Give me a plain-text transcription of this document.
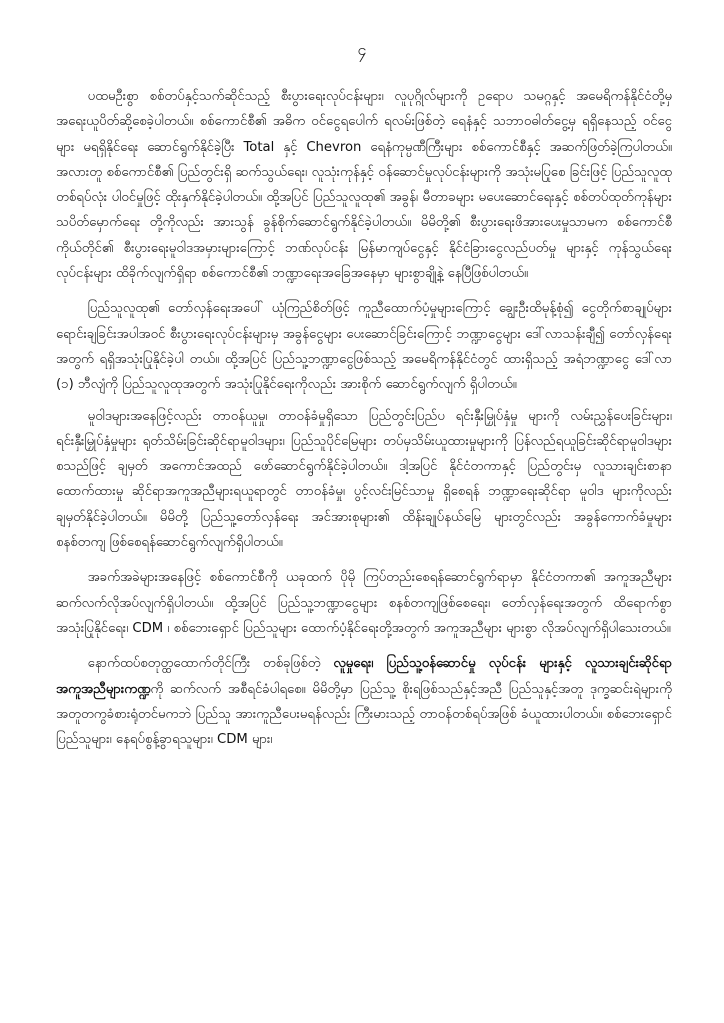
၄

ပထမဦးစွာ စစ်တပ်နှင့်သက်ဆိုင်သည့် စီးပွားရေးလုပ်ငန်းများ၊ လူပုဂ္ဂိုလ်များကို ဥရောပ သမဂ္ဂနှင့် အမေရိကန်နိုင်ငံတို့မှ အရေးယူပိတ်ဆို့စေခဲ့ပါတယ်။ စစ်ကောင်စီ၏ အဓိက ဝင်ငွေရပေါက် ရလမ်းဖြစ်တဲ့ ရေနံနှင့် သဘာဝဓါတ်ငွေ့မှ ရရှိနေသည့် ဝင်ငွေများ မရရှိနိုင်ရေး ဆောင်ရွက်နိုင်ခဲ့ပြီး Total နှင့် Chevron ရေနံကုမ္ပဏီကြီးများ စစ်ကောင်စီနှင့် အဆက်ဖြတ်ခဲ့ကြပါတယ်။ အလားတူ စစ်ကောင်စီ၏ ပြည်တွင်းရှိ ဆက်သွယ်ရေး၊ လူသုံးကုန်နှင့် ဝန်ဆောင်မှုလုပ်ငန်းများကို အသုံးမပြုစေ ခြင်းဖြင့် ပြည်သူလူထုတစ်ရပ်လုံး ပါဝင်မှုဖြင့် ထိုးနှက်နိုင်ခဲ့ပါတယ်။ ထို့အပြင် ပြည်သူလူထု၏ အခွန်၊ မီတာခများ မပေးဆောင်ရေးနှင့် စစ်တပ်ထုတ်ကုန်များ သပိတ်မှောက်ရေး တို့ကိုလည်း အားသွန် ခွန်စိုက်ဆောင်ရွက်နိုင်ခဲ့ပါတယ်။ မိမိတို့၏ စီးပွားရေးဖိအားပေးမှုသာမက စစ်ကောင်စီကိုယ်တိုင်၏ စီးပွားရေးမူဝါဒအမှားများကြောင့် ဘဏ်လုပ်ငန်း မြန်မာကျပ်ငွေနှင့် နိုင်ငံခြားငွေလည်ပတ်မှု များနှင့် ကုန်သွယ်ရေးလုပ်ငန်းများ ထိခိုက်လျက်ရှိရာ စစ်ကောင်စီ၏ ဘဏ္ဍာရေးအခြေအနေမှာ များစွာချို့နဲ့ နေပြီဖြစ်ပါတယ်။

ပြည်သူလူထု၏ တော်လှန်ရေးအပေါ် ယုံကြည်စိတ်ဖြင့် ကူညီထောက်ပံ့မှုများကြောင့် ချွေးဦးထိမုန့်စုံ၍ ငွေတိုက်စာချုပ်များ ရောင်းချခြင်းအပါအဝင် စီးပွားရေးလုပ်ငန်းများမှ အခွန်ငွေများ ပေးဆောင်ခြင်းကြောင့် ဘဏ္ဍာငွေများ ဒေါ်လာသန်းချီ၍ တော်လှန်ရေးအတွက် ရရှိအသုံးပြုနိုင်ခဲ့ပါ တယ်။ ထို့အပြင် ပြည်သူ့ဘဏ္ဍာငွေဖြစ်သည့် အမေရိကန်နိုင်ငံတွင် ထားရှိသည့် အရံဘဏ္ဍာငွေ ဒေါ်လာ (၁) ဘီလျံကို ပြည်သူလူထုအတွက် အသုံးပြုနိုင်ရေးကိုလည်း အားစိုက် ဆောင်ရွက်လျက် ရှိပါတယ်။

မူဝါဒများအနေဖြင့်လည်း တာဝန်ယူမှု၊ တာဝန်ခံမှုရှိသော ပြည်တွင်းပြည်ပ ရင်းနှီးမြှုပ်နှံမှု များကို လမ်းညွှန်ပေးခြင်းများ၊ ရင်းနှီးမြှုပ်နှံမှုများ ရုတ်သိမ်းခြင်းဆိုင်ရာမူဝါဒများ၊ ပြည်သူပိုင်မြေများ တပ်မှသိမ်းယူထားမှုများကို ပြန်လည်ရယူခြင်းဆိုင်ရာမူဝါဒများ စသည်ဖြင့် ချမှတ် အကောင်အထည် ဖော်ဆောင်ရွက်နိုင်ခဲ့ပါတယ်။ ဒါ့အပြင် နိုင်ငံတကာနှင့် ပြည်တွင်းမှ လူသားချင်းစာနာထောက်ထားမှု ဆိုင်ရာအကူအညီများရယူရာတွင် တာဝန်ခံမှု၊ ပွင့်လင်းမြင်သာမှု ရှိစေရန် ဘဏ္ဍာရေးဆိုင်ရာ မူဝါဒ များကိုလည်း ချမှတ်နိုင်ခဲ့ပါတယ်။ မိမိတို့ ပြည်သူ့တော်လှန်ရေး အင်အားစုများ၏ ထိန်းချုပ်နယ်မြေ များတွင်လည်း အခွန်ကောက်ခံမှုများ စနစ်တကျ ဖြစ်စေရန်ဆောင်ရွက်လျက်ရှိပါတယ်။

အခက်အခဲများအနေဖြင့် စစ်ကောင်စီကို ယခုထက် ပိုမို ကြပ်တည်းစေရန်ဆောင်ရွက်ရာမှာ နိုင်ငံတကာ၏ အကူအညီများ ဆက်လက်လိုအပ်လျက်ရှိပါတယ်။ ထို့အပြင် ပြည်သူ့ဘဏ္ဍာငွေများ စနစ်တကျဖြစ်စေရေး၊ တော်လှန်ရေးအတွက် ထိရောက်စွာ အသုံးပြုနိုင်ရေး၊ CDM ၊ စစ်ဘေးရှောင် ပြည်သူများ ထောက်ပံ့နိုင်ရေးတို့အတွက် အကူအညီများ များစွာ လိုအပ်လျက်ရှိပါသေးတယ်။

နောက်ထပ်စတုတ္ထထောက်တိုင်ကြီး တစ်ခုဖြစ်တဲ့ လူမှုရေး၊ ပြည်သူ့ဝန်ဆောင်မှု လုပ်ငန်း များနှင့် လူသားချင်းဆိုင်ရာ အကူအညီများကဏ္ဍကို ဆက်လက် အစီရင်ခံပါရစေ။ မိမိတို့မှာ ပြည်သူ့ စိုးရဖြစ်သည်နှင့်အညီ ပြည်သူနှင့်အတူ ဒုက္ခဆင်းရဲများကို အတူတကွခံစားရုံတင်မကဘဲ ပြည်သူ အားကူညီပေးမရန်လည်း ကြီးမားသည့် တာဝန်တစ်ရပ်အဖြစ် ခံယူထားပါတယ်။ စစ်ဘေးရှောင် ပြည်သူများ၊ နေရပ်စွန့်ခွာရသူများ၊ CDM များ၊
